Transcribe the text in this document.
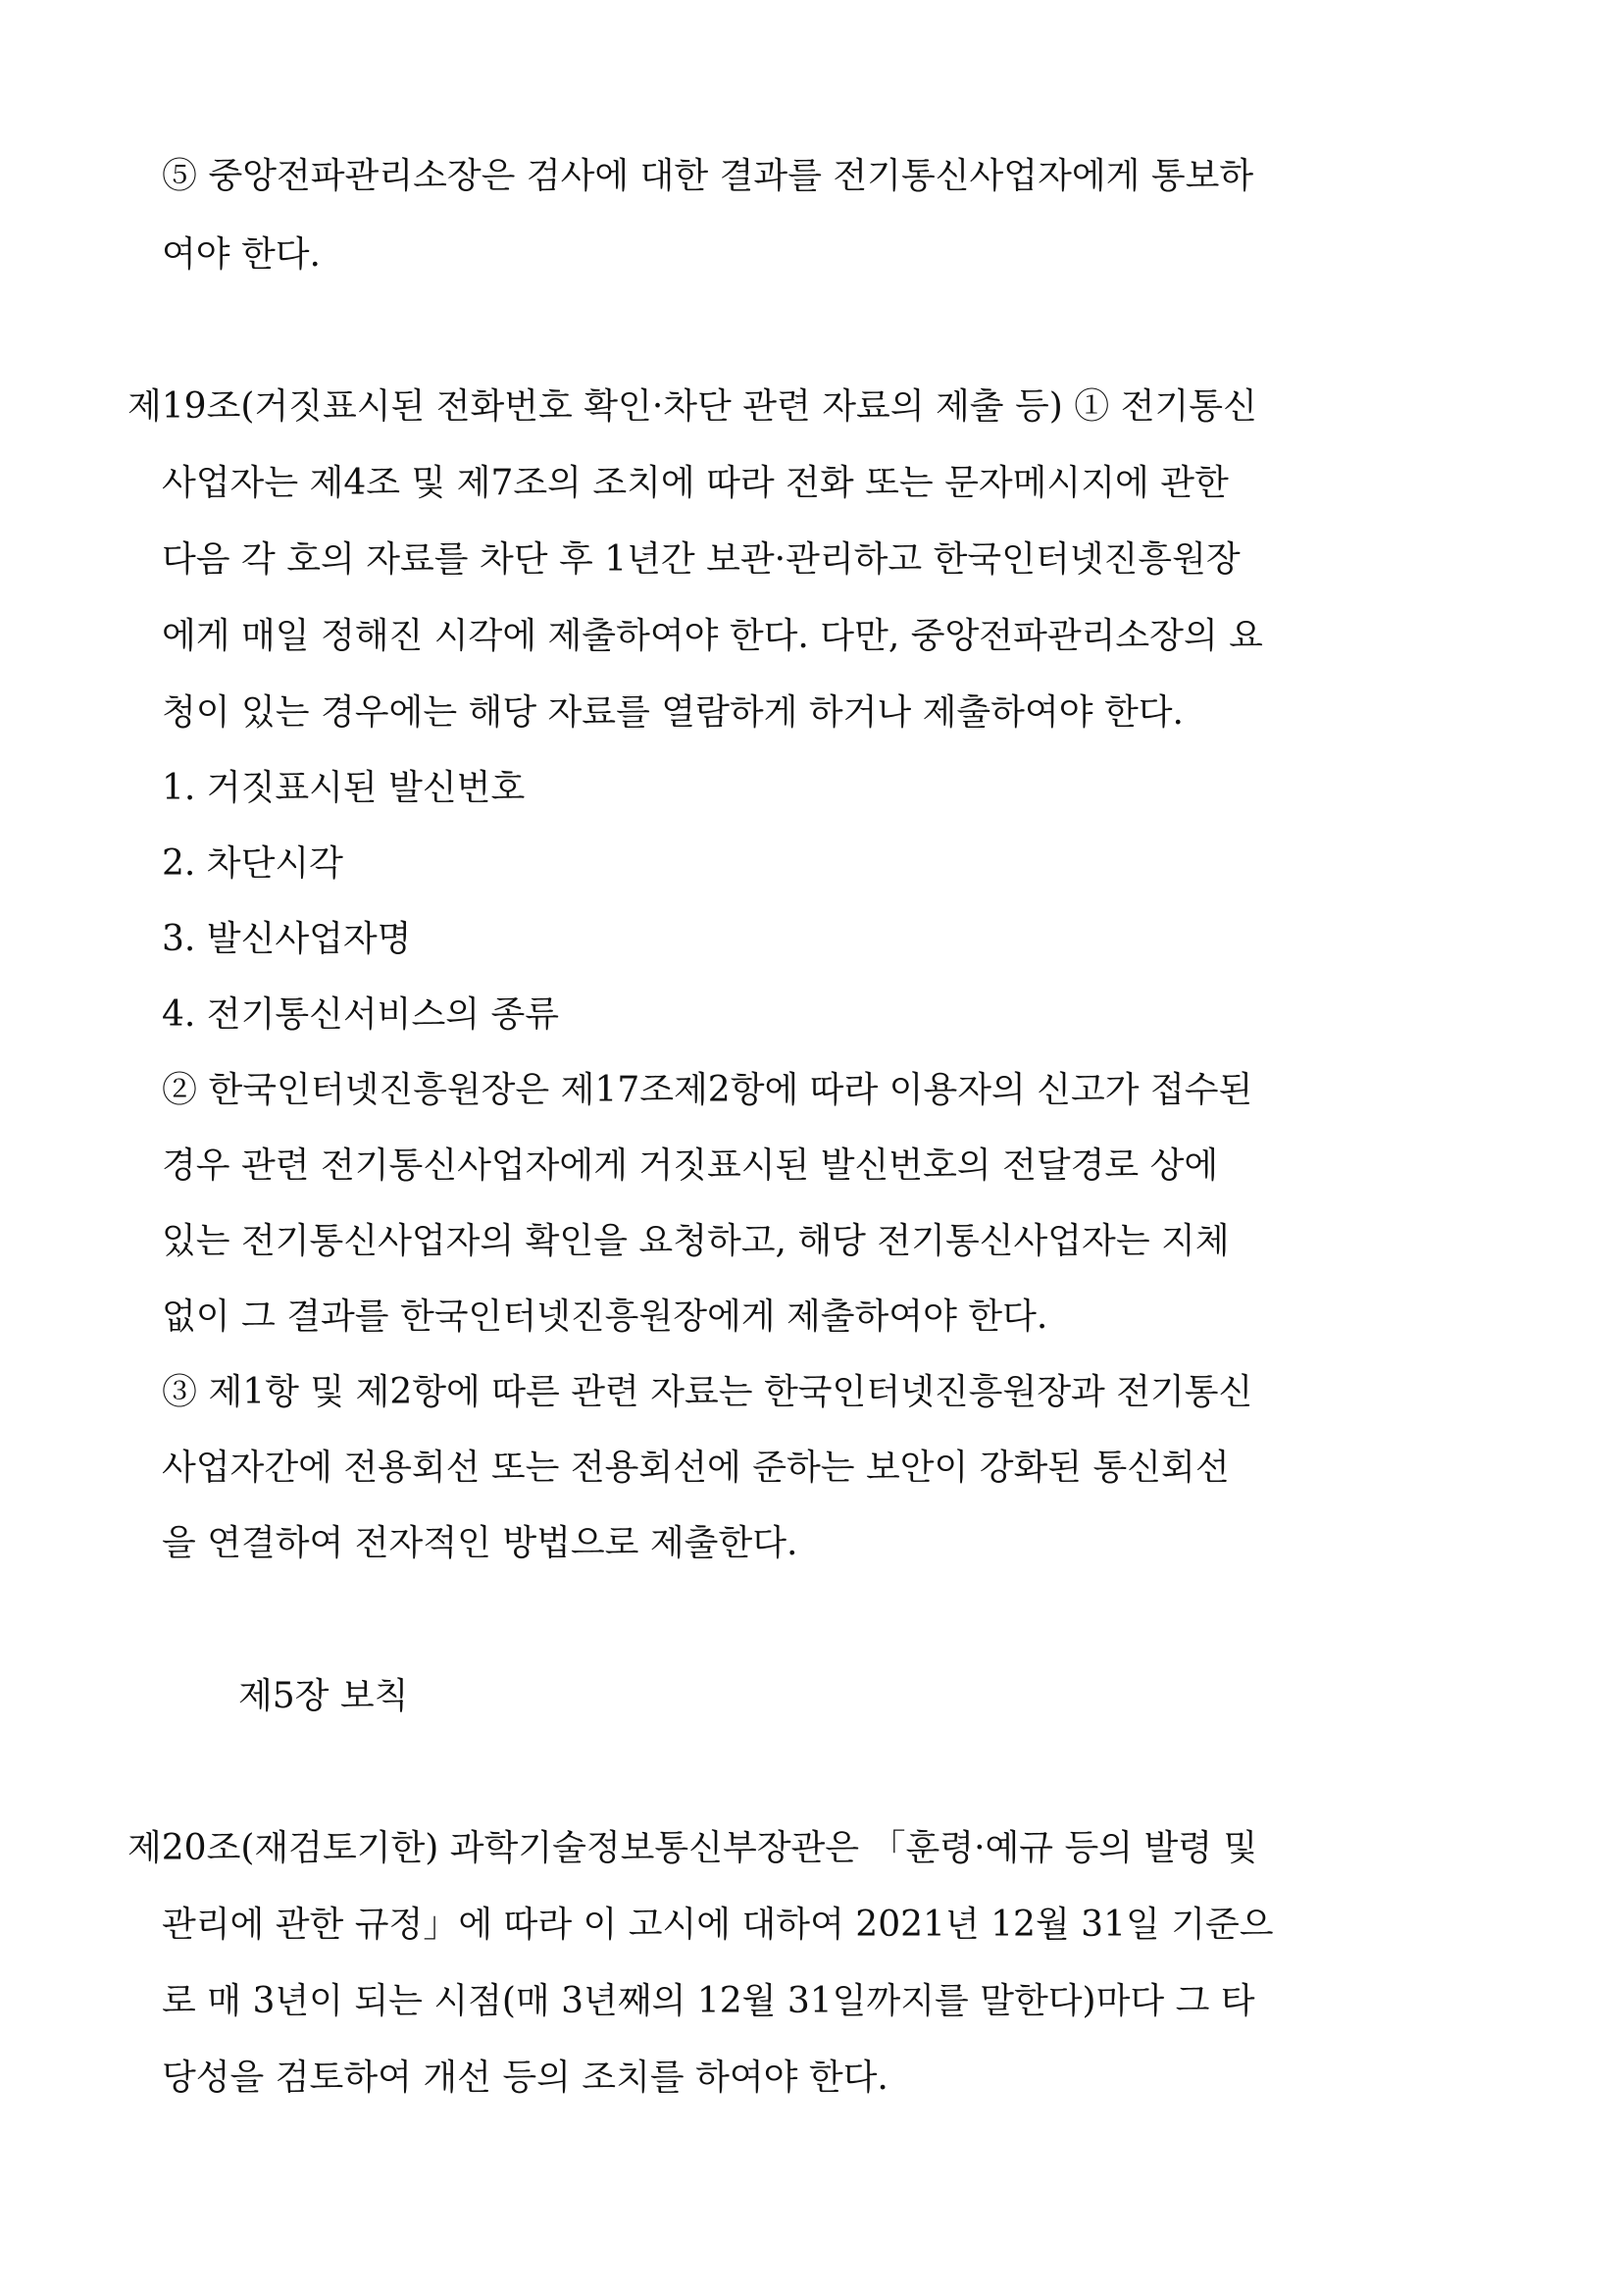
⑤ 중앙전파관리소장은 검사에 대한 결과를 전기통신사업자에게 통보하
여야 한다.
제19조(거짓표시된 전화번호 확인·차단 관련 자료의 제출 등) ① 전기통신
사업자는 제4조 및 제7조의 조치에 따라 전화 또는 문자메시지에 관한
다음 각 호의 자료를 차단 후 1년간 보관·관리하고 한국인터넷진흥원장
에게 매일 정해진 시각에 제출하여야 한다. 다만, 중앙전파관리소장의 요
청이 있는 경우에는 해당 자료를 열람하게 하거나 제출하여야 한다.
1. 거짓표시된 발신번호
2. 차단시각
3. 발신사업자명
4. 전기통신서비스의 종류
② 한국인터넷진흥원장은 제17조제2항에 따라 이용자의 신고가 접수된
경우 관련 전기통신사업자에게 거짓표시된 발신번호의 전달경로 상에
있는 전기통신사업자의 확인을 요청하고, 해당 전기통신사업자는 지체
없이 그 결과를 한국인터넷진흥원장에게 제출하여야 한다.
③ 제1항 및 제2항에 따른 관련 자료는 한국인터넷진흥원장과 전기통신
사업자간에 전용회선 또는 전용회선에 준하는 보안이 강화된 통신회선
을 연결하여 전자적인 방법으로 제출한다.
제5장 보칙
제20조(재검토기한) 과학기술정보통신부장관은 「훈령·예규 등의 발령 및
관리에 관한 규정」에 따라 이 고시에 대하여 2021년 12월 31일 기준으
로 매 3년이 되는 시점(매 3년째의 12월 31일까지를 말한다)마다 그 타
당성을 검토하여 개선 등의 조치를 하여야 한다.
